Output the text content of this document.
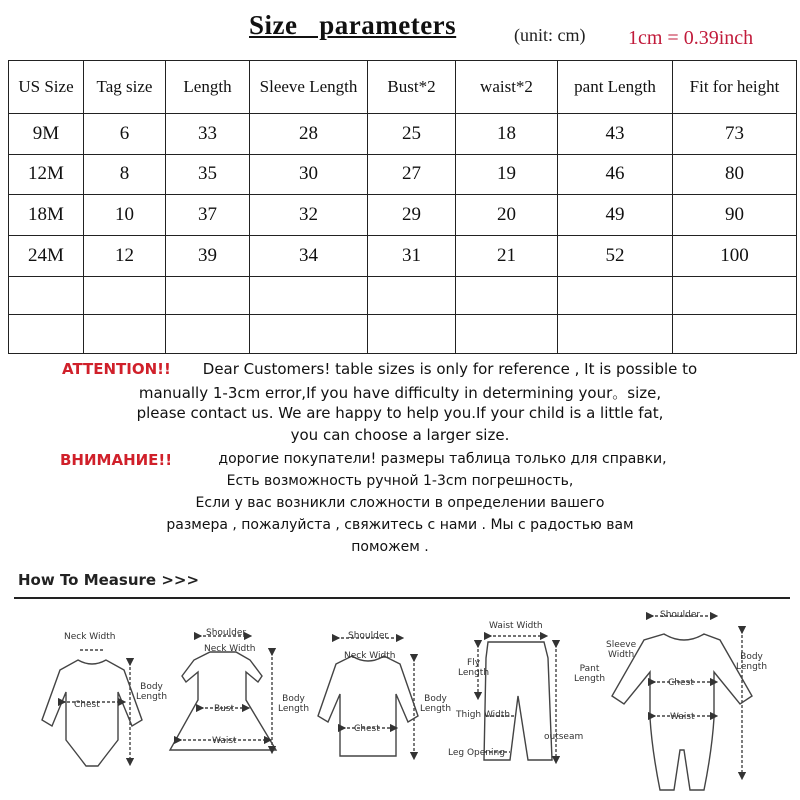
Size   parameters	(unit: cm) 1cm = 0.39inch
US Size	Tag size	Length	Sleeve Length	Bust*2	waist*2	pant Length	Fit for height
9M	6	33	28	25	18	43	73
12M	8	35	30	27	19	46	80
18M	10	37	32	29	20	49	90
24M	12	39	34	31	21	52	100

ATTENTION!!	Dear Customers! table sizes is only for reference , It is possible to
manually 1-3cm error,If you have difficulty in determining your。size,
please contact us. We are happy to help you.If your child is a little fat,
you can choose a larger size.
ВНИМАНИЕ!!	дорогие покупатели! размеры таблица только для справки,
Есть возможность ручной 1-3cm погрешность,
Если у вас возникли сложности в определении вашего
размера , пожалуйста , свяжитесь с нами . Мы с радостью вам
поможем .
How To Measure >>>
Neck Width
Chest
Body
Length
Shoulder
Neck Width
Bust
Waist
Body
Length
Shoulder
Neck Width
Chest
Body
Length
Waist Width
Fly
Length	Pant
Length
Thigh Width
outseam
Leg Opening
Shoulder
Sleeve
Width
Chest
Waist
Body
Length
